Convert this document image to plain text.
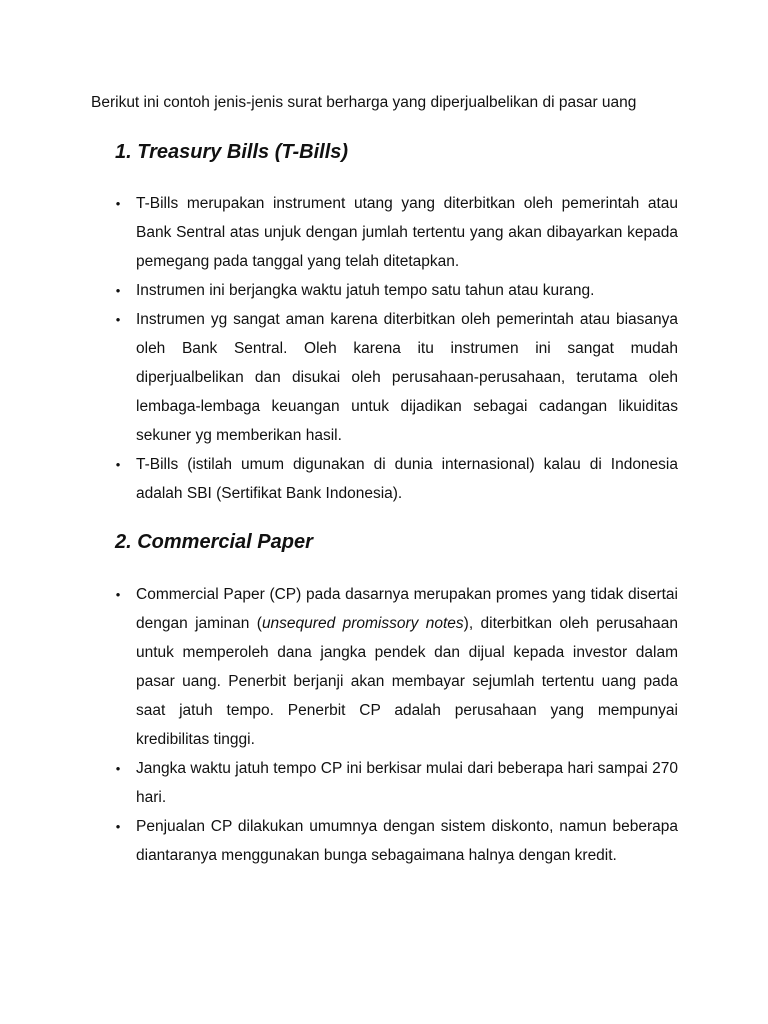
Berikut ini contoh jenis-jenis surat berharga yang diperjualbelikan di pasar uang
1. Treasury Bills (T-Bills)
• T-Bills merupakan instrument utang yang diterbitkan oleh pemerintah atau Bank Sentral atas unjuk dengan jumlah tertentu yang akan dibayarkan kepada pemegang pada tanggal yang telah ditetapkan.
• Instrumen ini berjangka waktu jatuh tempo satu tahun atau kurang.
• Instrumen yg sangat aman karena diterbitkan oleh pemerintah atau biasanya oleh Bank Sentral. Oleh karena itu instrumen ini sangat mudah diperjualbelikan dan disukai oleh perusahaan-perusahaan, terutama oleh lembaga-lembaga keuangan untuk dijadikan sebagai cadangan likuiditas sekuner yg memberikan hasil.
• T-Bills (istilah umum digunakan di dunia internasional) kalau di Indonesia adalah SBI (Sertifikat Bank Indonesia).
2. Commercial Paper
• Commercial Paper (CP) pada dasarnya merupakan promes yang tidak disertai dengan jaminan (unsequred promissory notes), diterbitkan oleh perusahaan untuk memperoleh dana jangka pendek dan dijual kepada investor dalam pasar uang. Penerbit berjanji akan membayar sejumlah tertentu uang pada saat jatuh tempo. Penerbit CP adalah perusahaan yang mempunyai kredibilitas tinggi.
• Jangka waktu jatuh tempo CP ini berkisar mulai dari beberapa hari sampai 270 hari.
• Penjualan CP dilakukan umumnya dengan sistem diskonto, namun beberapa diantaranya menggunakan bunga sebagaimana halnya dengan kredit.
